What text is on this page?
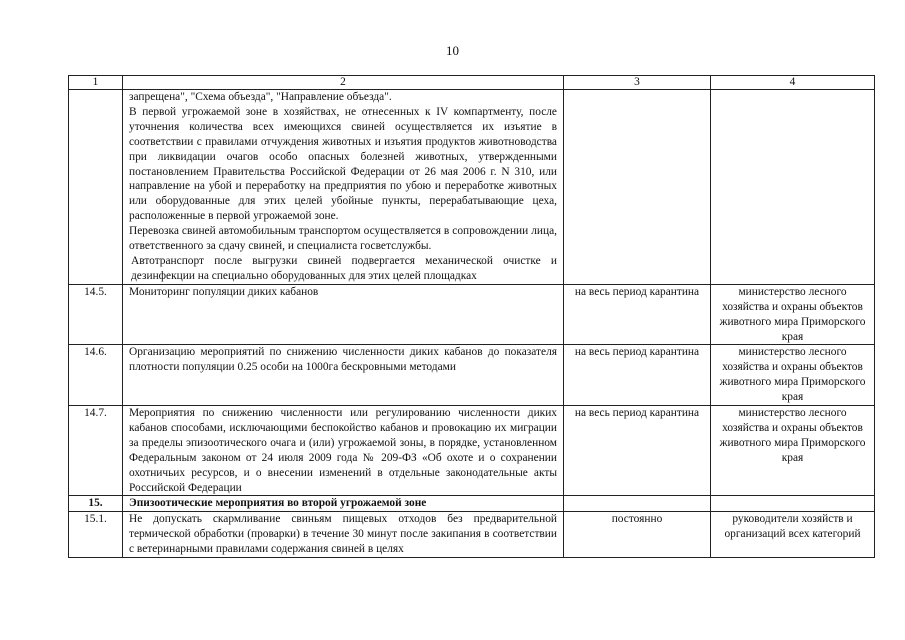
10
1	2	3	4

	запрещена", "Схема объезда", "Направление объезда".
В первой угрожаемой зоне в хозяйствах, не отнесенных к IV компартменту, после уточнения количества всех имеющихся свиней осуществляется их изъятие в соответствии с правилами отчуждения животных и изъятия продуктов животноводства при ликвидации очагов особо опасных болезней животных, утвержденными постановлением Правительства Российской Федерации от 26 мая 2006 г. N 310, или направление на убой и переработку на предприятия по убою и переработке животных или оборудованные для этих целей убойные пункты, перерабатывающие цеха, расположенные в первой угрожаемой зоне.
Перевозка свиней автомобильным транспортом осуществляется в сопровождении лица, ответственного за сдачу свиней, и специалиста госветслужбы.
Автотранспорт после выгрузки свиней подвергается механической очистке и дезинфекции на специально оборудованных для этих целей площадках		

14.5.	Мониторинг популяции диких кабанов	на весь период карантина	министерство лесного хозяйства и охраны объектов животного мира Приморского края
14.6.	Организацию мероприятий по снижению численности диких кабанов до показателя плотности популяции 0.25 особи на 1000га бескровными методами	на весь период карантина	министерство лесного хозяйства и охраны объектов животного мира Приморского края
14.7.	Мероприятия по снижению численности или регулированию численности диких кабанов способами, исключающими беспокойство кабанов и провокацию их миграции за пределы эпизоотического очага и (или) угрожаемой зоны, в порядке, установленном Федеральным законом от 24 июля 2009 года № 209-ФЗ «Об охоте и о сохранении охотничьих ресурсов, и о внесении изменений в отдельные законодательные акты Российской Федерации	на весь период карантина	министерство лесного хозяйства и охраны объектов животного мира Приморского края
15.	Эпизоотические мероприятия во второй угрожаемой зоне		
15.1.	Не допускать скармливание свиньям пищевых отходов без предварительной термической обработки (проварки) в течение 30 минут после закипания в соответствии с ветеринарными правилами содержания свиней в целях	постоянно	руководители хозяйств и организаций всех категорий
